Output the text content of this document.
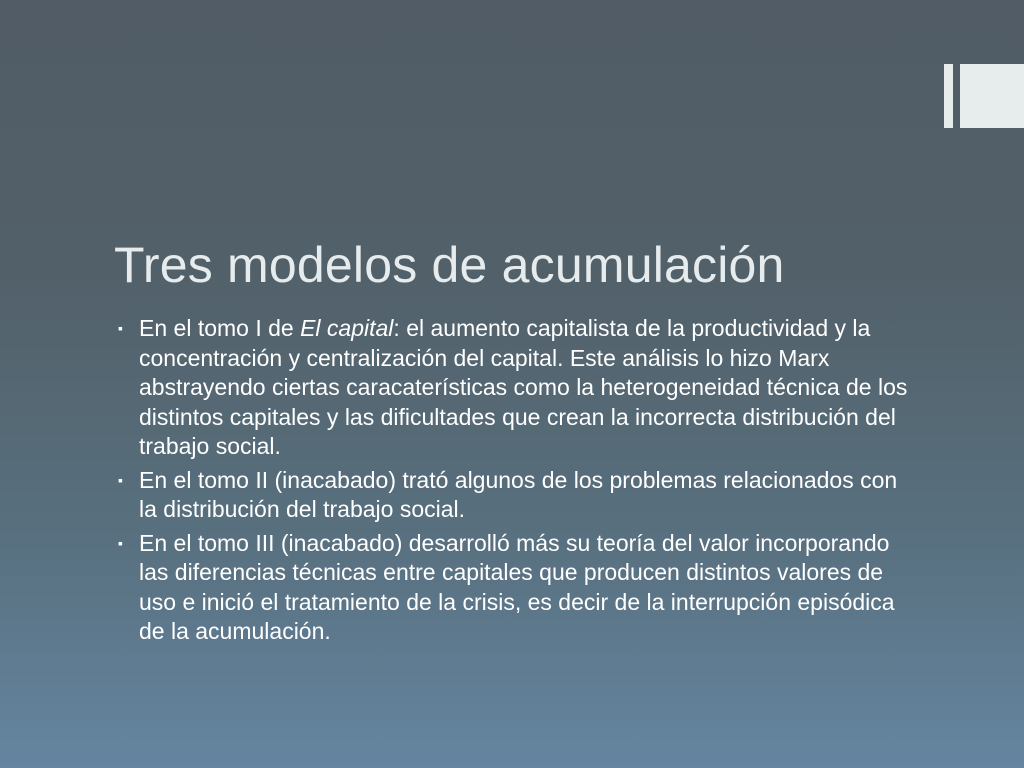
Tres modelos de acumulación
▪ En el tomo I de El capital: el aumento capitalista de la productividad y la concentración y centralización del capital. Este análisis lo hizo Marx abstrayendo ciertas caracaterísticas como la heterogeneidad técnica de los distintos capitales y las dificultades que crean la incorrecta distribución del trabajo social.
▪ En el tomo II (inacabado) trató algunos de los problemas relacionados con la distribución del trabajo social.
▪ En el tomo III (inacabado) desarrolló más su teoría del valor incorporando las diferencias técnicas entre capitales que producen distintos valores de uso e inició el tratamiento de la crisis, es decir de la interrupción episódica de la acumulación.
